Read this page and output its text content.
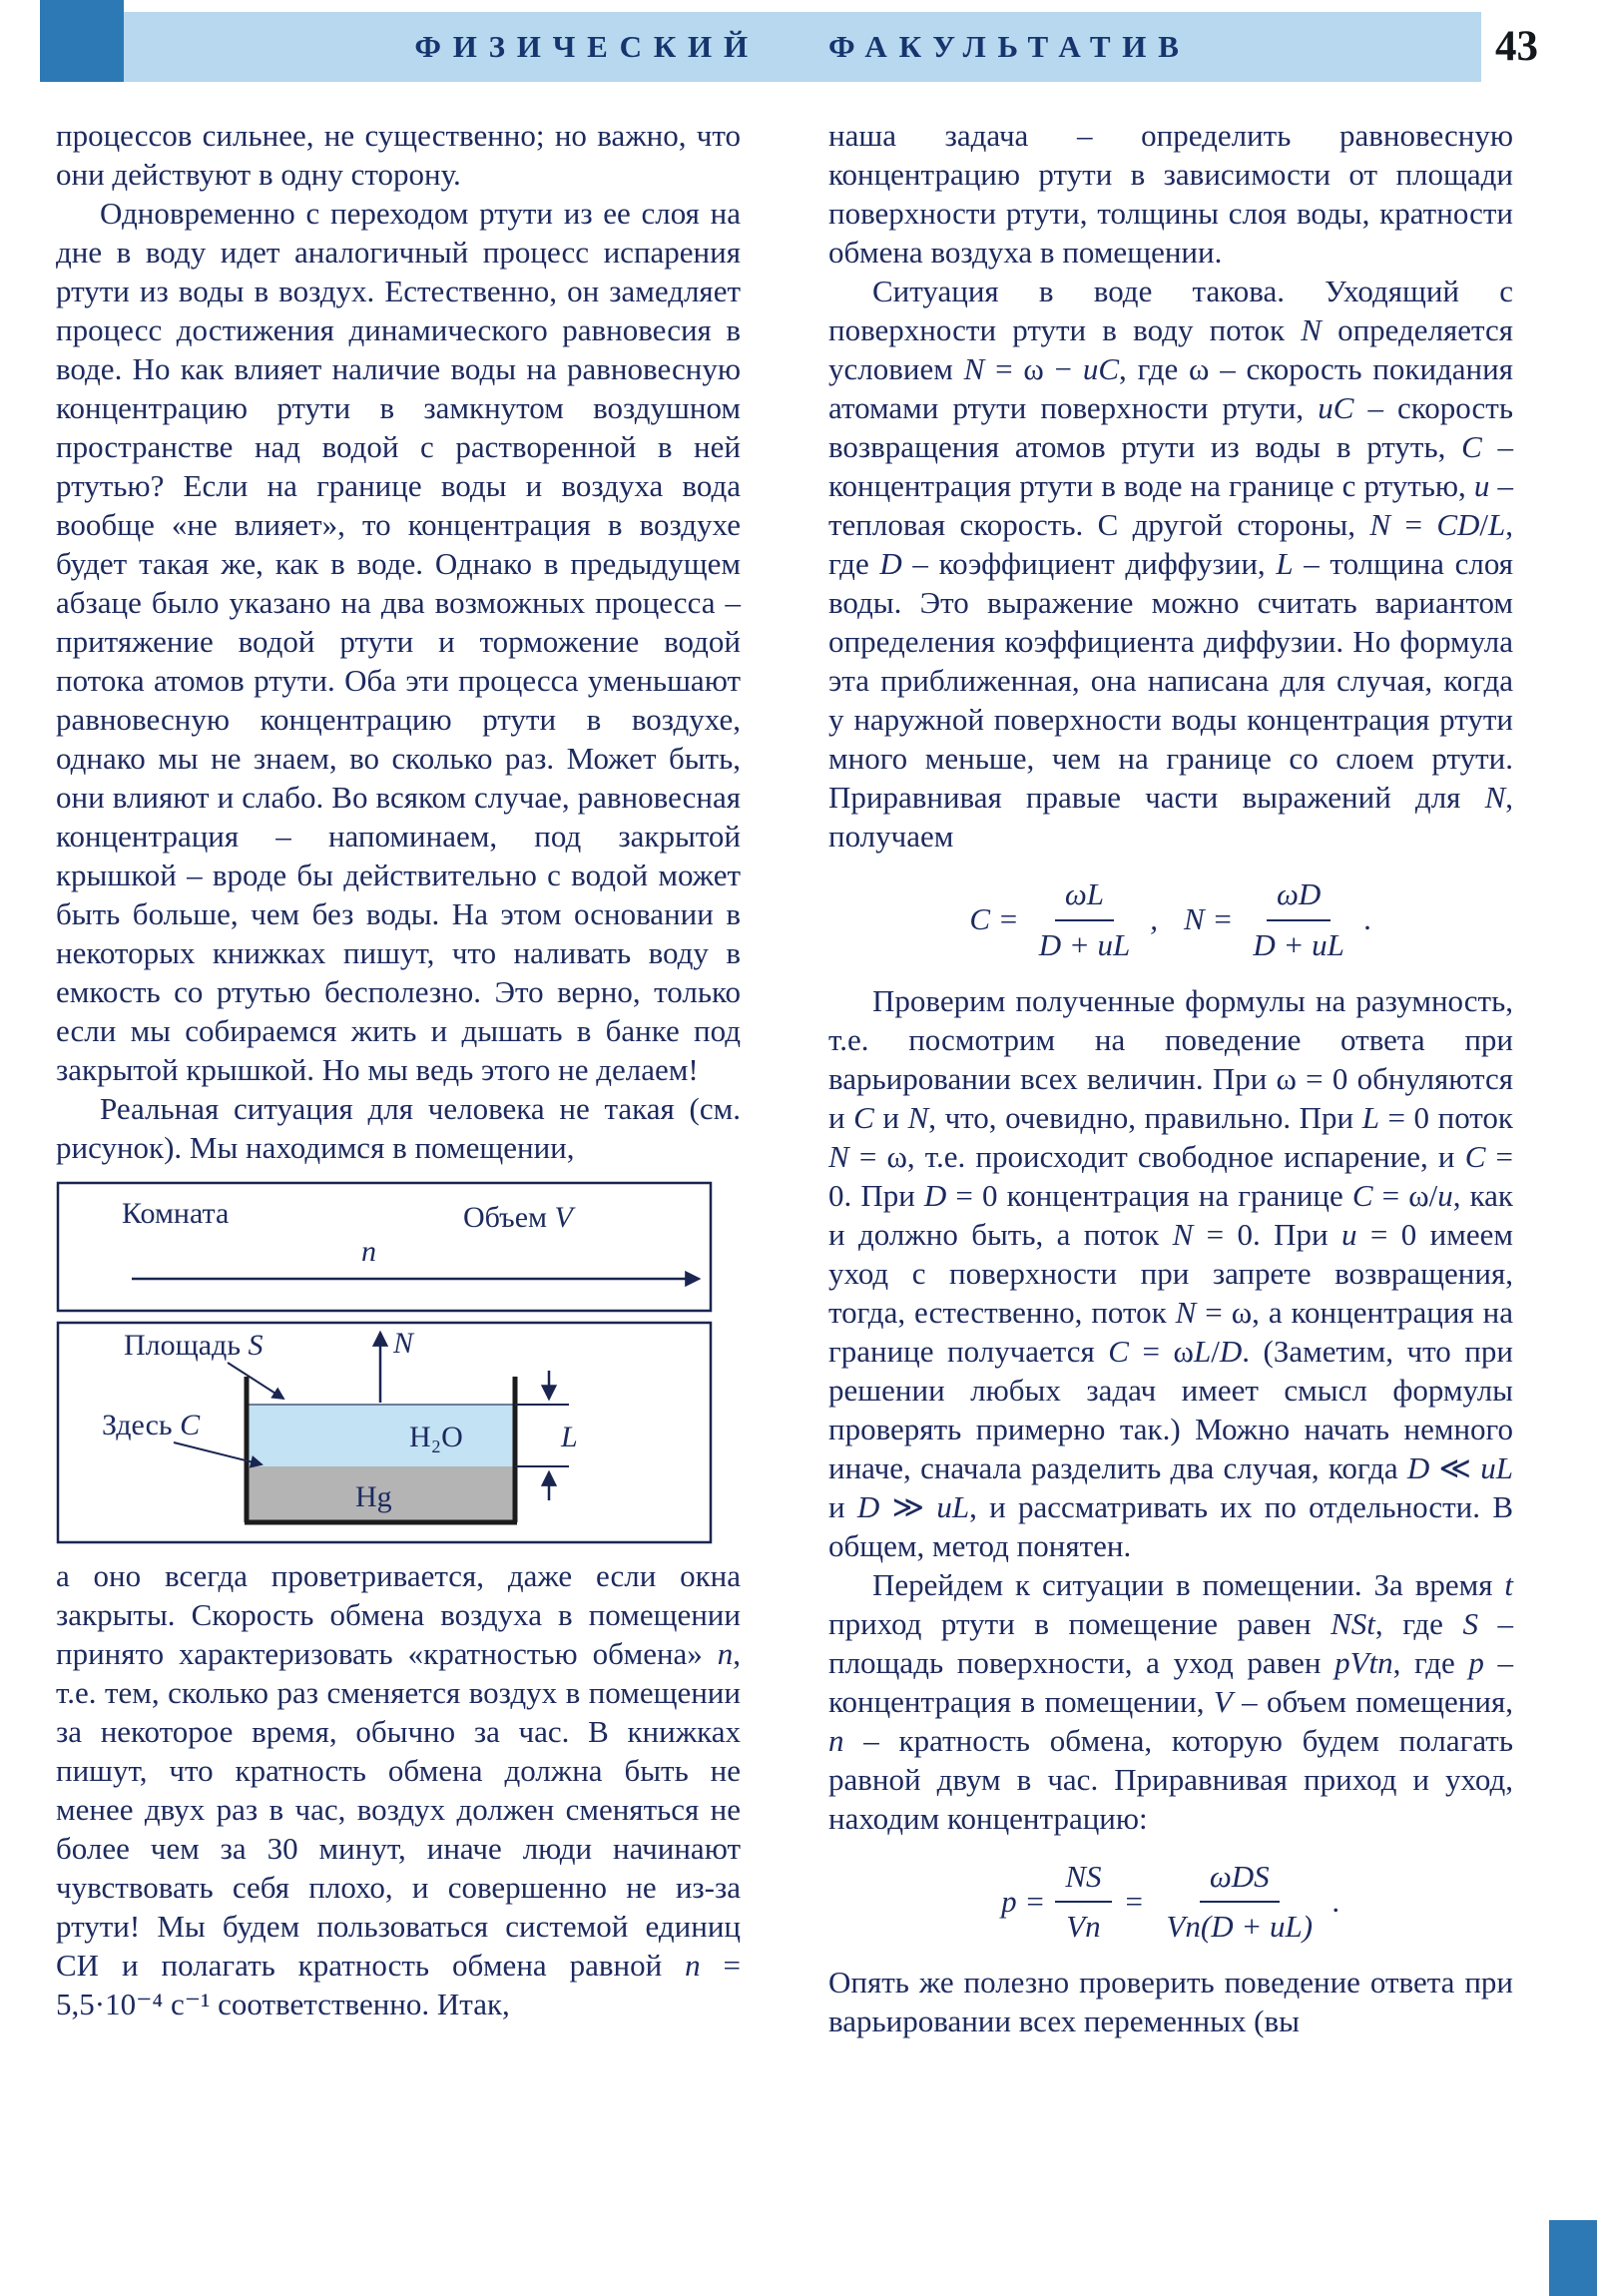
ФИЗИЧЕСКИЙ ФАКУЛЬТАТИВ	43

процессов сильнее, не существенно; но важно, что они действуют в одну сторону.

Одновременно с переходом ртути из ее слоя на дне в воду идет аналогичный процесс испарения ртути из воды в воздух. Естественно, он замедляет процесс достижения динамического равновесия в воде. Но как влияет наличие воды на равновесную концентрацию ртути в замкнутом воздушном пространстве над водой с растворенной в ней ртутью? Если на границе воды и воздуха вода вообще «не влияет», то концентрация в воздухе будет такая же, как в воде. Однако в предыдущем абзаце было указано на два возможных процесса – притяжение водой ртути и торможение водой потока атомов ртути. Оба эти процесса уменьшают равновесную концентрацию ртути в воздухе, однако мы не знаем, во сколько раз. Может быть, они влияют и слабо. Во всяком случае, равновесная концентрация – напоминаем, под закрытой крышкой – вроде бы действительно с водой может быть больше, чем без воды. На этом основании в некоторых книжках пишут, что наливать воду в емкость со ртутью бесполезно. Это верно, только если мы собираемся жить и дышать в банке под закрытой крышкой. Но мы ведь этого не делаем!

Реальная ситуация для человека не такая (см. рисунок). Мы находимся в помещении,

Комната	Объем V
n
Площадь S
Здесь C
N
H₂O
Hg
L

а оно всегда проветривается, даже если окна закрыты. Скорость обмена воздуха в помещении принято характеризовать «кратностью обмена» n, т.е. тем, сколько раз сменяется воздух в помещении за некоторое время, обычно за час. В книжках пишут, что кратность обмена должна быть не менее двух раз в час, воздух должен сменяться не более чем за 30 минут, иначе люди начинают чувствовать себя плохо, и совершенно не из-за ртути! Мы будем пользоваться системой единиц СИ и полагать кратность обмена равной n = 5,5·10⁻⁴ с⁻¹ соответственно. Итак,

наша задача – определить равновесную концентрацию ртути в зависимости от площади поверхности ртути, толщины слоя воды, кратности обмена воздуха в помещении.

Ситуация в воде такова. Уходящий с поверхности ртути в воду поток N определяется условием N = ω − uC, где ω – скорость покидания атомами ртути поверхности ртути, uC – скорость возвращения атомов ртути из воды в ртуть, C – концентрация ртути в воде на границе с ртутью, u – тепловая скорость. С другой стороны, N = CD/L, где D – коэффициент диффузии, L – толщина слоя воды. Это выражение можно считать вариантом определения коэффициента диффузии. Но формула эта приближенная, она написана для случая, когда у наружной поверхности воды концентрация ртути много меньше, чем на границе со слоем ртути. Приравнивая правые части выражений для N, получаем

$C = \frac{\omega L}{D + uL}$ , $N = \frac{\omega D}{D + uL}$ .

Проверим полученные формулы на разумность, т.е. посмотрим на поведение ответа при варьировании всех величин. При ω = 0 обнуляются и C и N, что, очевидно, правильно. При L = 0 поток N = ω, т.е. происходит свободное испарение, и C = 0. При D = 0 концентрация на границе C = ω/u, как и должно быть, а поток N = 0. При u = 0 имеем уход с поверхности при запрете возвращения, тогда, естественно, поток N = ω, а концентрация на границе получается C = ωL/D. (Заметим, что при решении любых задач имеет смысл формулы проверять примерно так.) Можно начать немного иначе, сначала разделить два случая, когда D ≪ uL и D ≫ uL, и рассматривать их по отдельности. В общем, метод понятен.

Перейдем к ситуации в помещении. За время t приход ртути в помещение равен NSt, где S – площадь поверхности, а уход равен pVtn, где p – концентрация в помещении, V – объем помещения, n – кратность обмена, которую будем полагать равной двум в час. Приравнивая приход и уход, находим концентрацию:

$p = \frac{NS}{Vn} = \frac{\text{ωDS}}{Vn(D + uL)}$ .

Опять же полезно проверить поведение ответа при варьировании всех переменных (вы
